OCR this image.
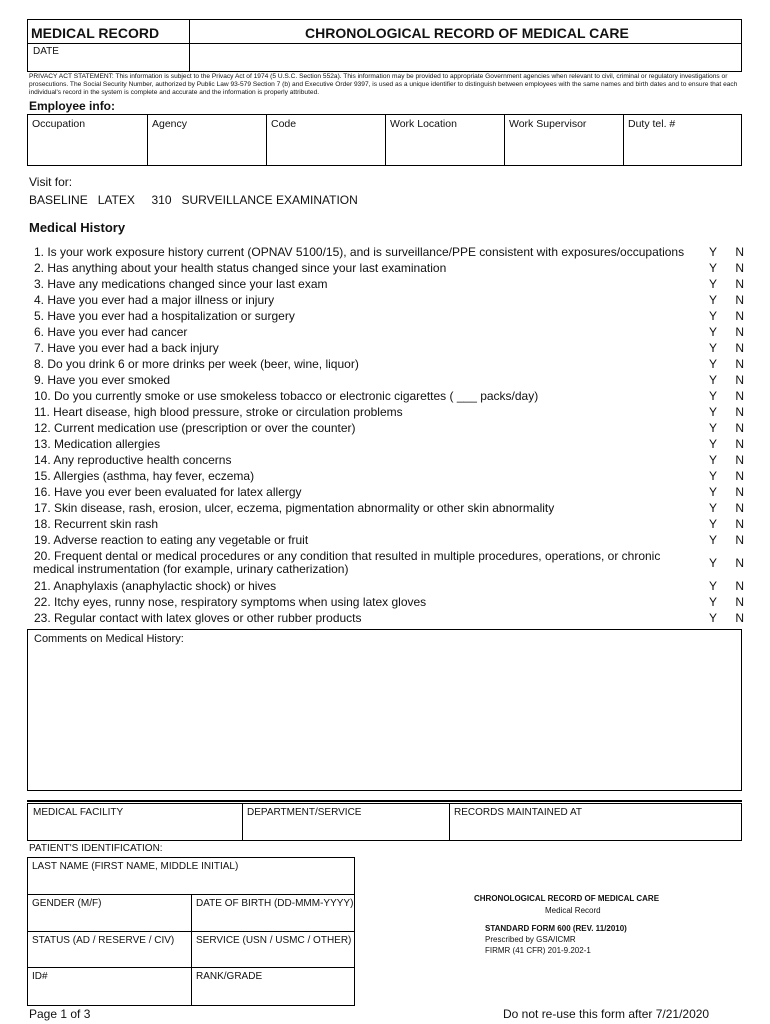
MEDICAL RECORD	CHRONOLOGICAL RECORD OF MEDICAL CARE
DATE
PRIVACY ACT STATEMENT: This information is subject to the Privacy Act of 1974 (5 U.S.C. Section 552a). This information may be provided to appropriate Government agencies when relevant to civil, criminal or regulatory investigations or prosecutions. The Social Security Number, authorized by Public Law 93-579 Section 7 (b) and Executive Order 9397, is used as a unique identifier to distinguish between employees with the same names and birth dates and to ensure that each individual's record in the system is complete and accurate and the information is properly attributed.
Employee info:
Occupation	Agency	Code	Work Location	Work Supervisor	Duty tel. #
Visit for:
BASELINE   LATEX     310   SURVEILLANCE EXAMINATION
Medical History
1. Is your work exposure history current (OPNAV 5100/15), and is surveillance/PPE consistent with exposures/occupations Y N
2. Has anything about your health status changed since your last examination	Y N
3. Have any medications changed since your last exam	Y N
4. Have you ever had a major illness or injury	Y N
5. Have you ever had a hospitalization or surgery	Y N
6. Have you ever had cancer	Y N
7. Have you ever had a back injury	Y N
8. Do you drink 6 or more drinks per week (beer, wine, liquor)	Y N
9. Have you ever smoked	Y N
10. Do you currently smoke or use smokeless tobacco or electronic cigarettes ( ___ packs/day)	Y N
11. Heart disease, high blood pressure, stroke or circulation problems	Y N
12. Current medication use (prescription or over the counter)	Y N
13. Medication allergies	Y N
14. Any reproductive health concerns	Y N
15. Allergies (asthma, hay fever, eczema)	Y N
16. Have you ever been evaluated for latex allergy	Y N
17. Skin disease, rash, erosion, ulcer, eczema, pigmentation abnormality or other skin abnormality	Y N
18. Recurrent skin rash	Y N
19. Adverse reaction to eating any vegetable or fruit	Y N
20. Frequent dental or medical procedures or any condition that resulted in multiple procedures, operations, or chronic
medical instrumentation (for example, urinary catherization)	Y N
21. Anaphylaxis (anaphylactic shock) or hives	Y N
22. Itchy eyes, runny nose, respiratory symptoms when using latex gloves	Y N
23. Regular contact with latex gloves or other rubber products	Y N
Comments on Medical History:
MEDICAL FACILITY	DEPARTMENT/SERVICE	RECORDS MAINTAINED AT
PATIENT'S IDENTIFICATION:
LAST NAME (FIRST NAME, MIDDLE INITIAL)
GENDER (M/F)	DATE OF BIRTH (DD-MMM-YYYY)
STATUS (AD / RESERVE / CIV)	SERVICE (USN / USMC / OTHER)
ID#	RANK/GRADE
CHRONOLOGICAL RECORD OF MEDICAL CARE
Medical Record
STANDARD FORM 600 (REV. 11/2010)
Prescribed by GSA/ICMR
FIRMR (41 CFR) 201-9.202-1
Page 1 of 3	Do not re-use this form after 7/21/2020
